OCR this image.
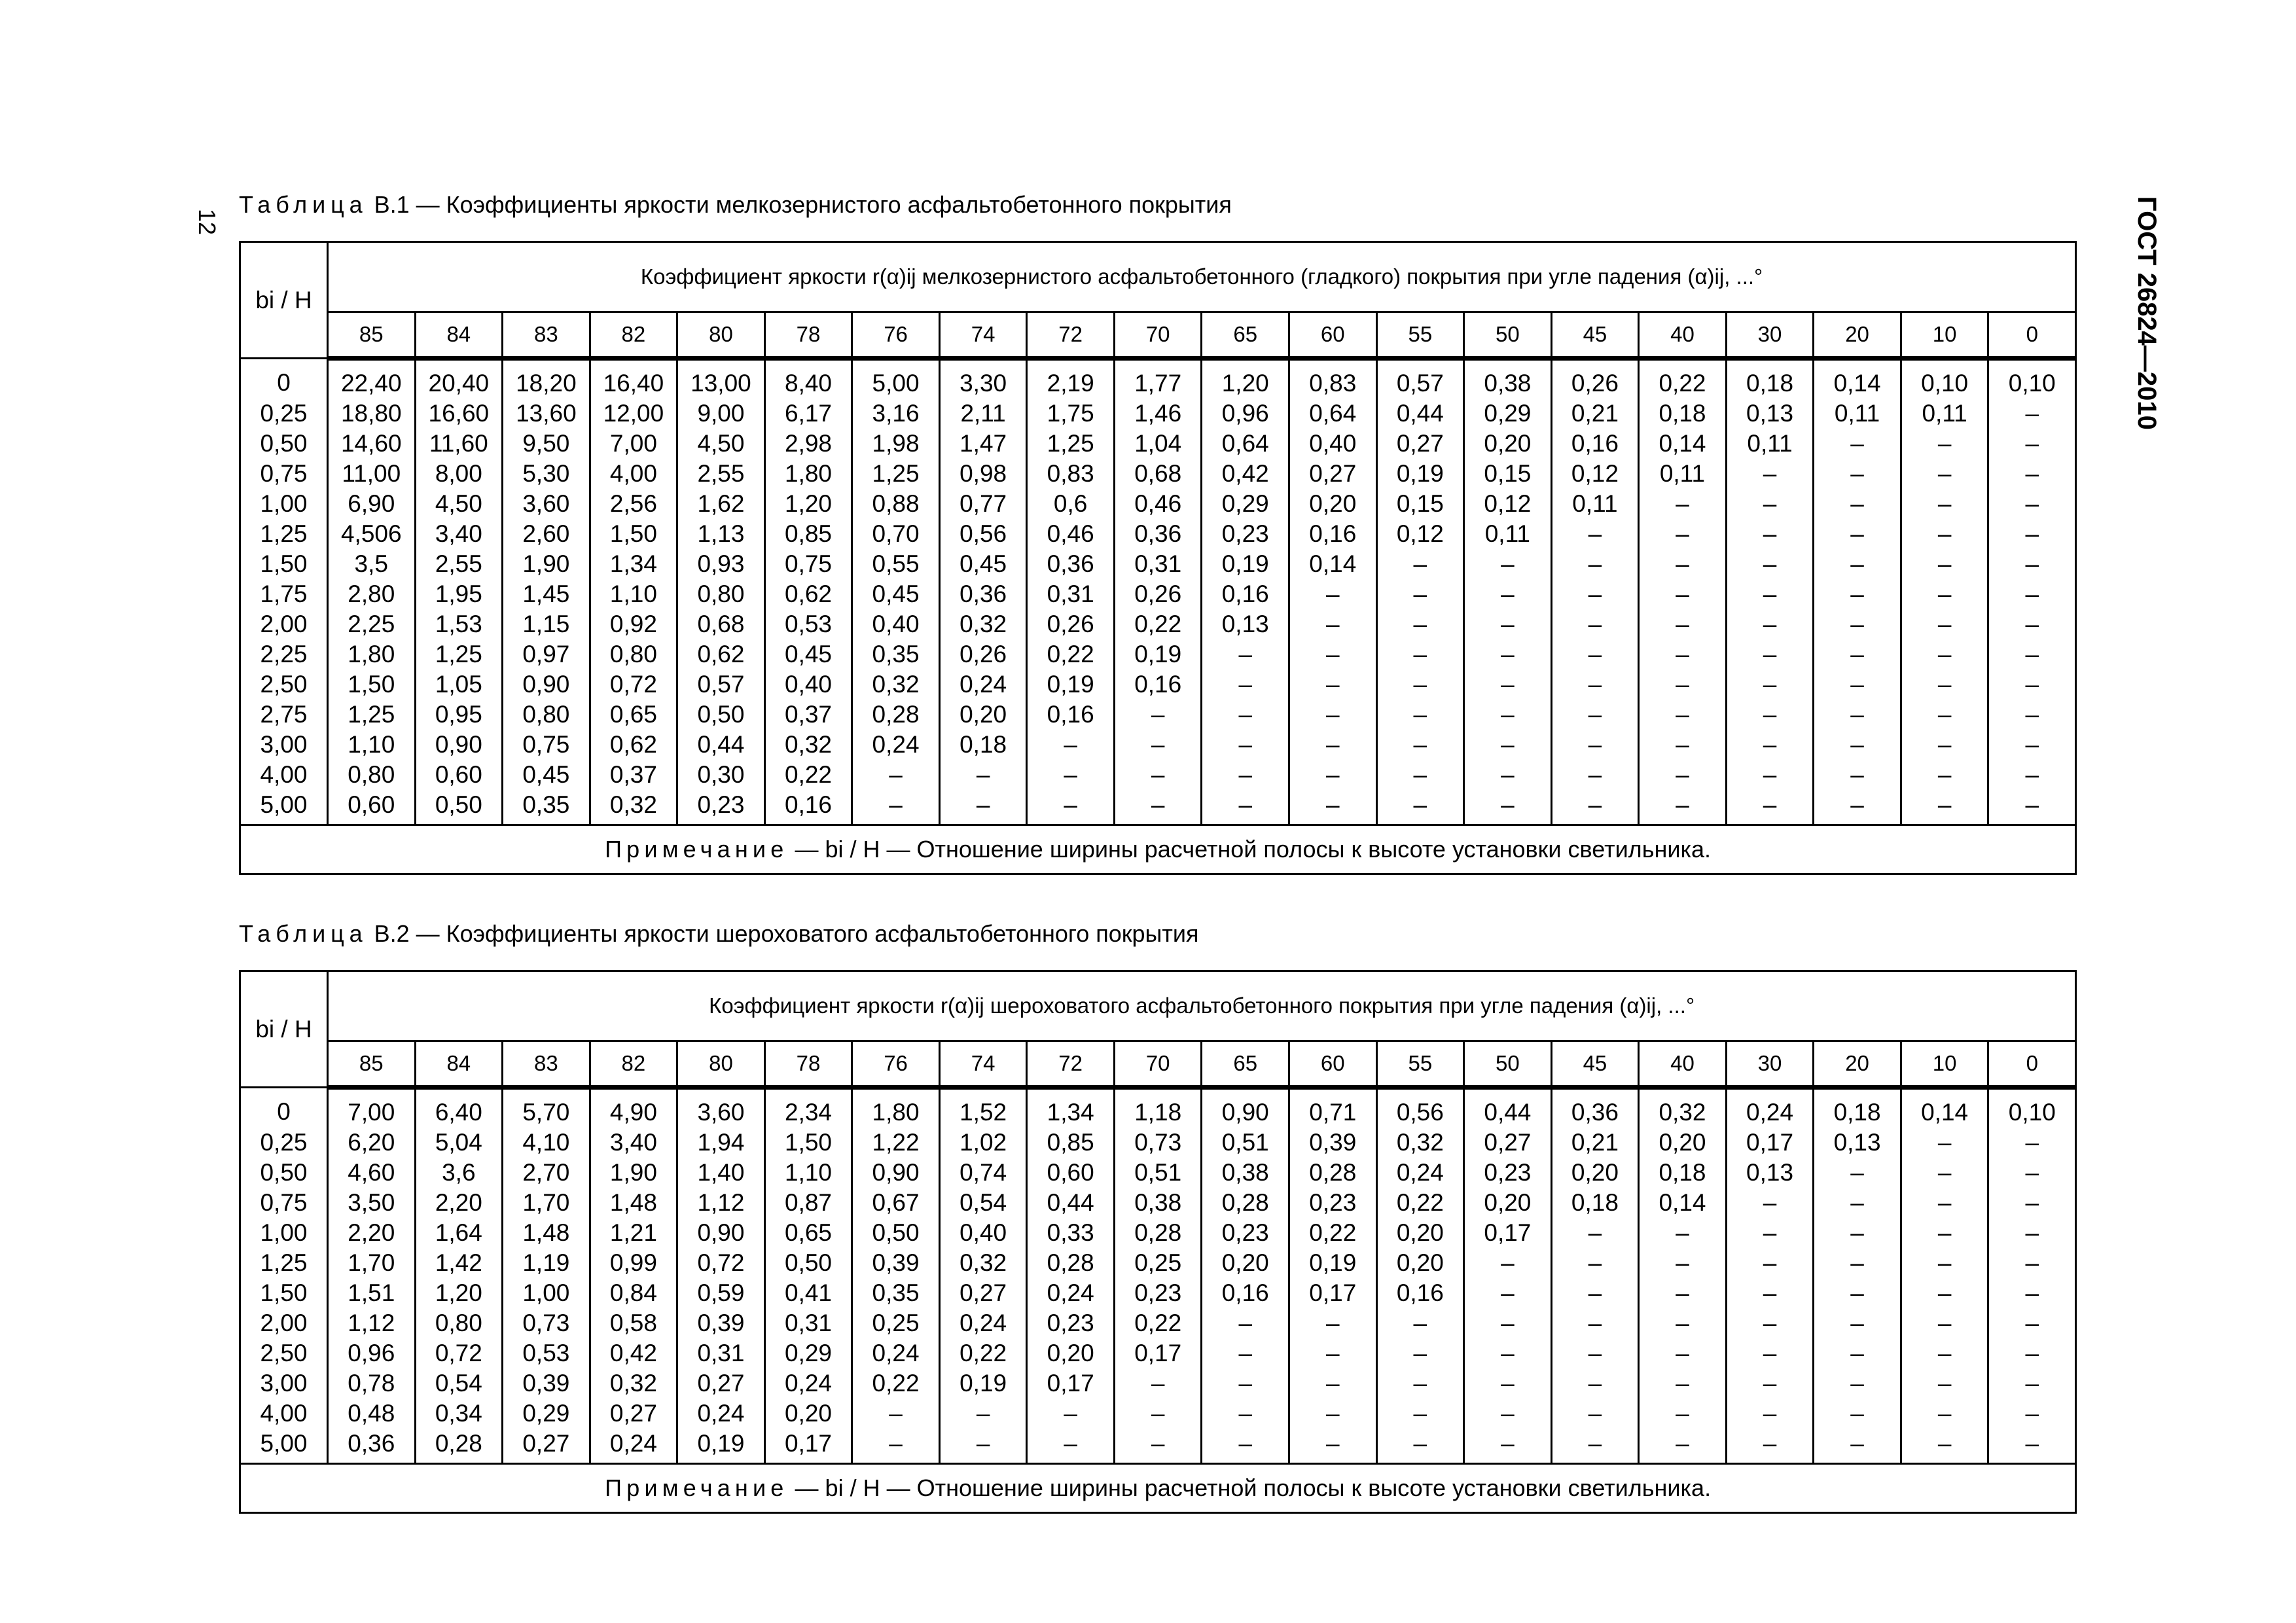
12	ГОСТ 26824—2010
Таблица В.1 — Коэффициенты яркости мелкозернистого асфальтобетонного покрытия
bi / H	Коэффициент яркости r(α)ij мелкозернистого асфальтобетонного (гладкого) покрытия при угле падения (α)ij, ...°																			
	85	84	83	82	80	78	76	74	72	70	65	60	55	50	45	40	30	20	10	0
0	22,40	20,40	18,20	16,40	13,00	8,40	5,00	3,30	2,19	1,77	1,20	0,83	0,57	0,38	0,26	0,22	0,18	0,14	0,10	0,10
0,25	18,80	16,60	13,60	12,00	9,00	6,17	3,16	2,11	1,75	1,46	0,96	0,64	0,44	0,29	0,21	0,18	0,13	0,11	0,11	–
0,50	14,60	11,60	9,50	7,00	4,50	2,98	1,98	1,47	1,25	1,04	0,64	0,40	0,27	0,20	0,16	0,14	0,11	–	–	–
0,75	11,00	8,00	5,30	4,00	2,55	1,80	1,25	0,98	0,83	0,68	0,42	0,27	0,19	0,15	0,12	0,11	–	–	–	–
1,00	6,90	4,50	3,60	2,56	1,62	1,20	0,88	0,77	0,6	0,46	0,29	0,20	0,15	0,12	0,11	–	–	–	–	–
1,25	4,506	3,40	2,60	1,50	1,13	0,85	0,70	0,56	0,46	0,36	0,23	0,16	0,12	0,11	–	–	–	–	–	–
1,50	3,5	2,55	1,90	1,34	0,93	0,75	0,55	0,45	0,36	0,31	0,19	0,14	–	–	–	–	–	–	–	–
1,75	2,80	1,95	1,45	1,10	0,80	0,62	0,45	0,36	0,31	0,26	0,16	–	–	–	–	–	–	–	–	–
2,00	2,25	1,53	1,15	0,92	0,68	0,53	0,40	0,32	0,26	0,22	0,13	–	–	–	–	–	–	–	–	–
2,25	1,80	1,25	0,97	0,80	0,62	0,45	0,35	0,26	0,22	0,19	–	–	–	–	–	–	–	–	–	–
2,50	1,50	1,05	0,90	0,72	0,57	0,40	0,32	0,24	0,19	0,16	–	–	–	–	–	–	–	–	–	–
2,75	1,25	0,95	0,80	0,65	0,50	0,37	0,28	0,20	0,16	–	–	–	–	–	–	–	–	–	–	–
3,00	1,10	0,90	0,75	0,62	0,44	0,32	0,24	0,18	–	–	–	–	–	–	–	–	–	–	–	–
4,00	0,80	0,60	0,45	0,37	0,30	0,22	–	–	–	–	–	–	–	–	–	–	–	–	–	–
5,00	0,60	0,50	0,35	0,32	0,23	0,16	–	–	–	–	–	–	–	–	–	–	–	–	–	–
Примечание — bi / H — Отношение ширины расчетной полосы к высоте установки светильника.																				
Таблица В.2 — Коэффициенты яркости шероховатого асфальтобетонного покрытия
bi / H	Коэффициент яркости r(α)ij шероховатого асфальтобетонного покрытия при угле падения (α)ij, ...°																			
	85	84	83	82	80	78	76	74	72	70	65	60	55	50	45	40	30	20	10	0
0	7,00	6,40	5,70	4,90	3,60	2,34	1,80	1,52	1,34	1,18	0,90	0,71	0,56	0,44	0,36	0,32	0,24	0,18	0,14	0,10
0,25	6,20	5,04	4,10	3,40	1,94	1,50	1,22	1,02	0,85	0,73	0,51	0,39	0,32	0,27	0,21	0,20	0,17	0,13	–	–
0,50	4,60	3,6	2,70	1,90	1,40	1,10	0,90	0,74	0,60	0,51	0,38	0,28	0,24	0,23	0,20	0,18	0,13	–	–	–
0,75	3,50	2,20	1,70	1,48	1,12	0,87	0,67	0,54	0,44	0,38	0,28	0,23	0,22	0,20	0,18	0,14	–	–	–	–
1,00	2,20	1,64	1,48	1,21	0,90	0,65	0,50	0,40	0,33	0,28	0,23	0,22	0,20	0,17	–	–	–	–	–	–
1,25	1,70	1,42	1,19	0,99	0,72	0,50	0,39	0,32	0,28	0,25	0,20	0,19	0,20	–	–	–	–	–	–	–
1,50	1,51	1,20	1,00	0,84	0,59	0,41	0,35	0,27	0,24	0,23	0,16	0,17	0,16	–	–	–	–	–	–	–
2,00	1,12	0,80	0,73	0,58	0,39	0,31	0,25	0,24	0,23	0,22	–	–	–	–	–	–	–	–	–	–
2,50	0,96	0,72	0,53	0,42	0,31	0,29	0,24	0,22	0,20	0,17	–	–	–	–	–	–	–	–	–	–
3,00	0,78	0,54	0,39	0,32	0,27	0,24	0,22	0,19	0,17	–	–	–	–	–	–	–	–	–	–	–
4,00	0,48	0,34	0,29	0,27	0,24	0,20	–	–	–	–	–	–	–	–	–	–	–	–	–	–
5,00	0,36	0,28	0,27	0,24	0,19	0,17	–	–	–	–	–	–	–	–	–	–	–	–	–	–
Примечание — bi / H — Отношение ширины расчетной полосы к высоте установки светильника.																				
